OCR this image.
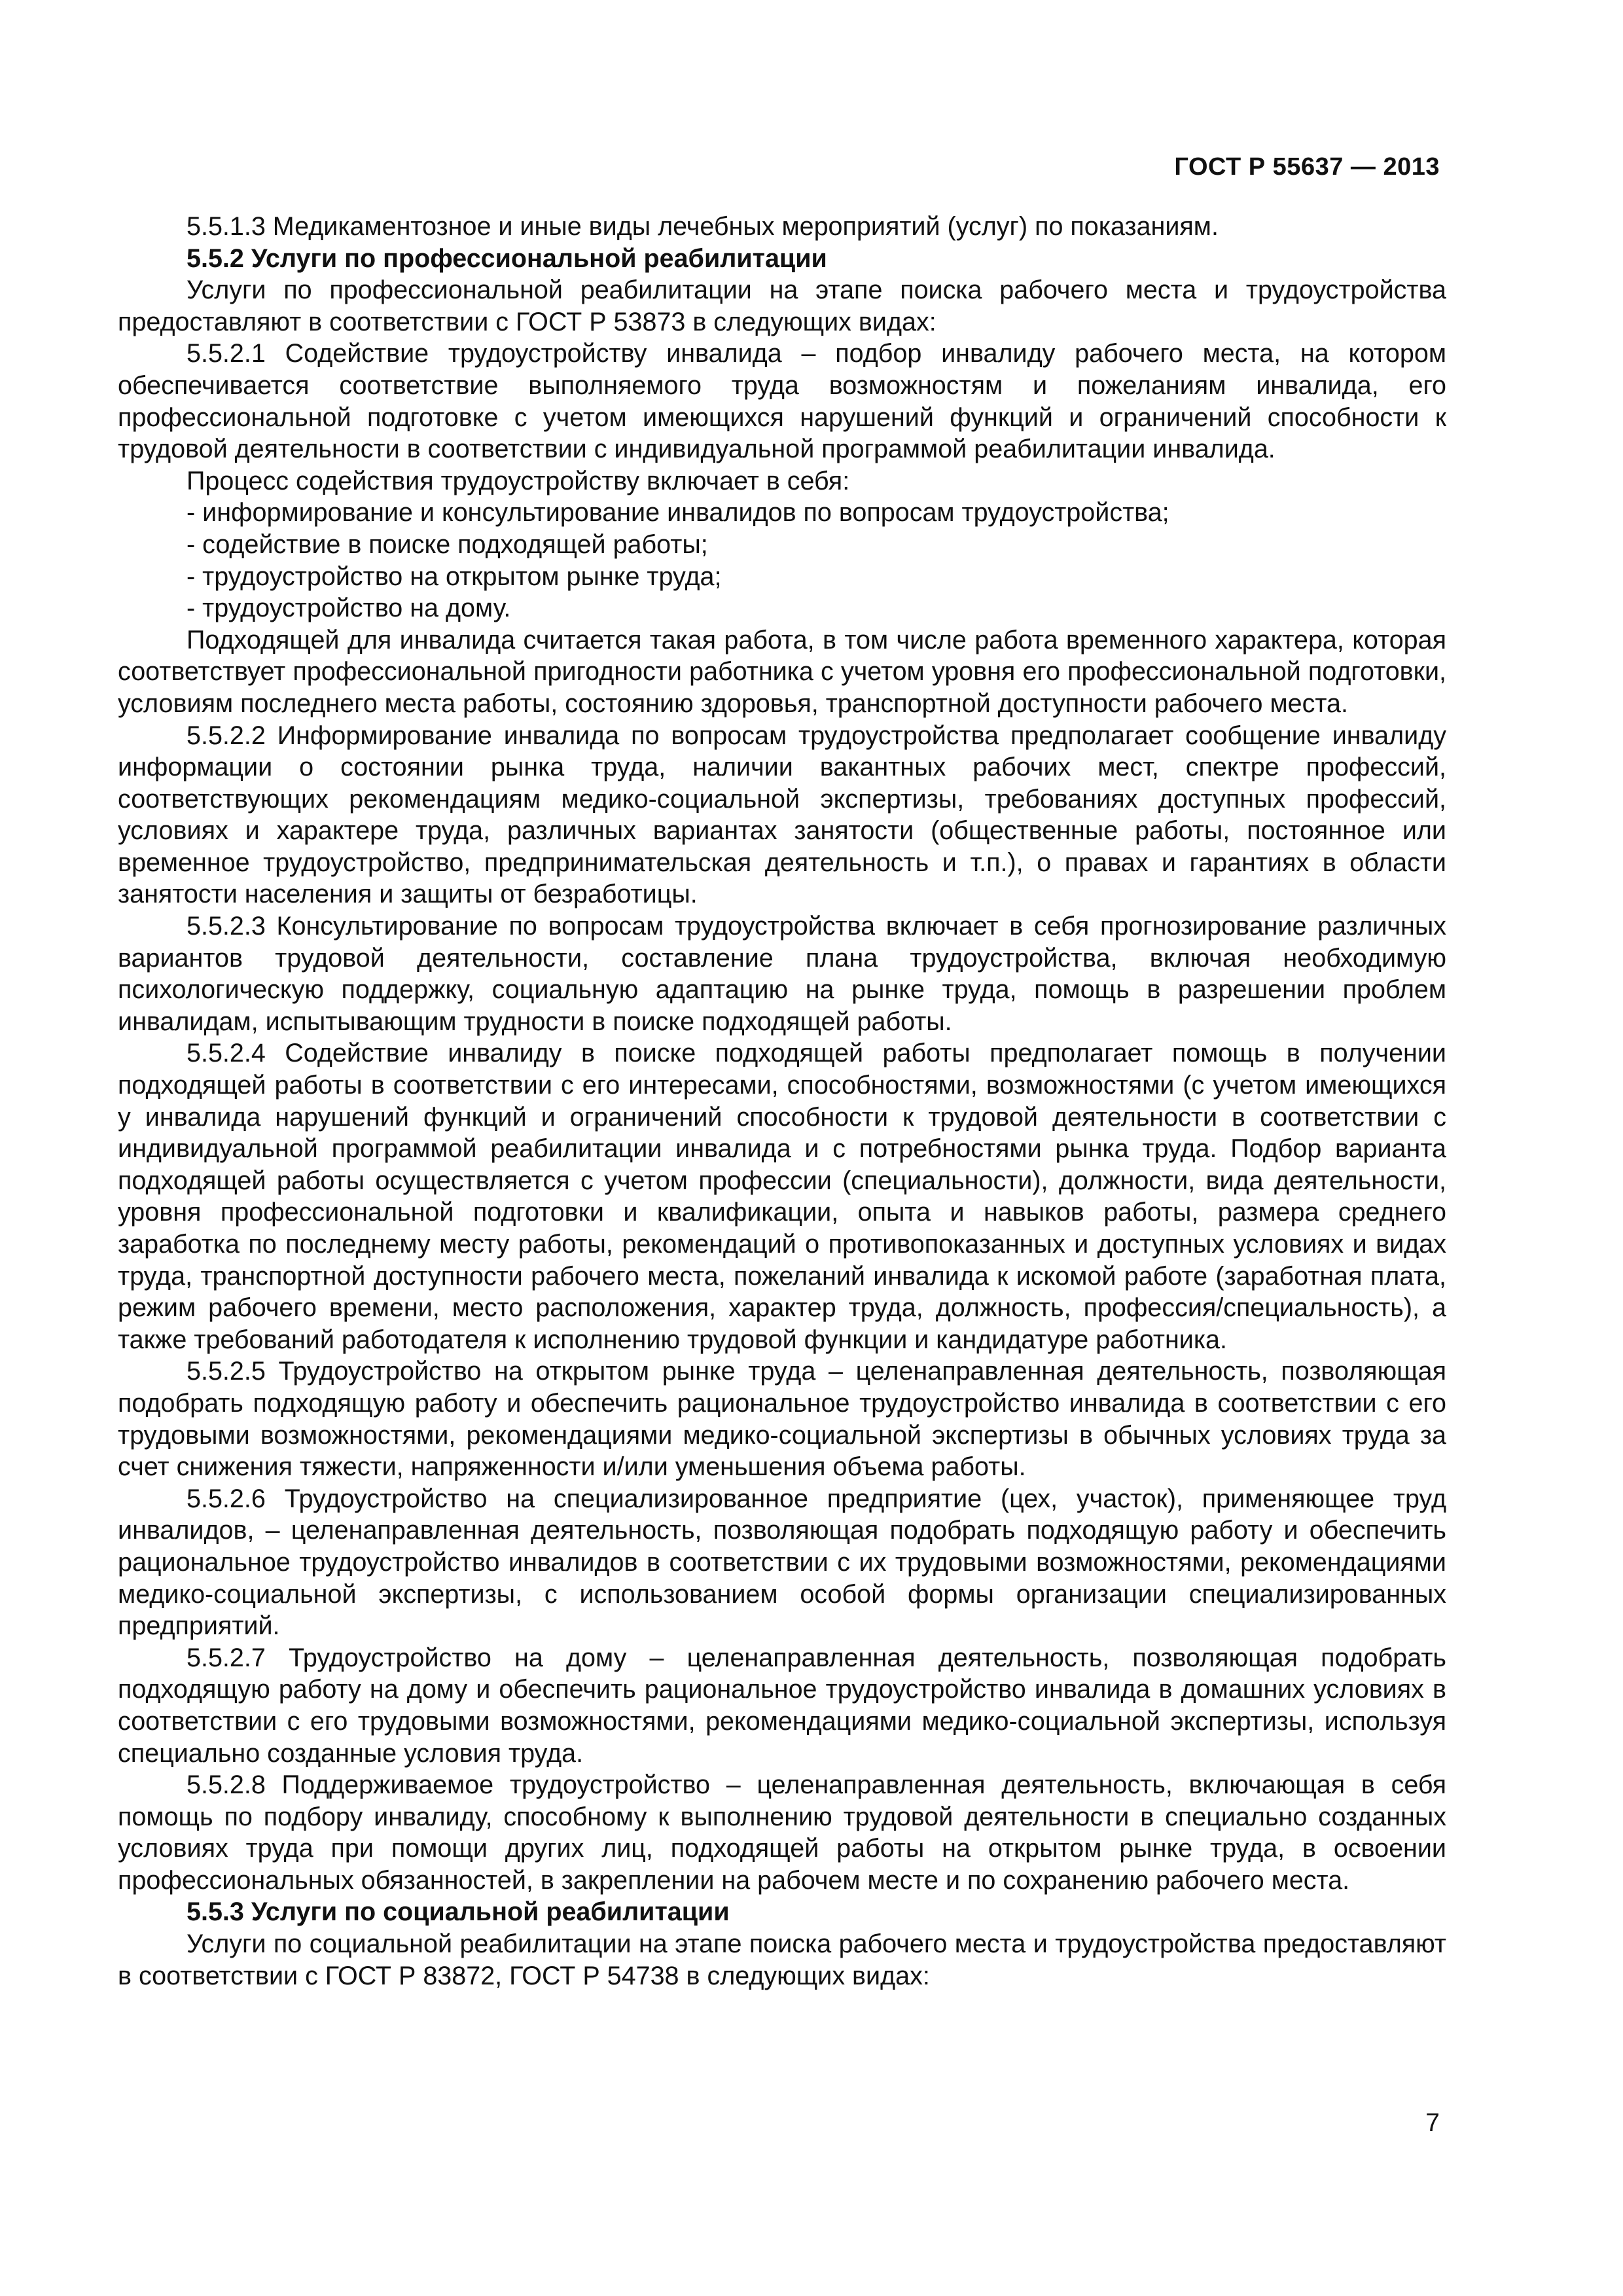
ГОСТ Р 55637 — 2013

5.5.1.3 Медикаментозное и иные виды лечебных мероприятий (услуг) по показаниям.

5.5.2 Услуги по профессиональной реабилитации

Услуги по профессиональной реабилитации на этапе поиска рабочего места и трудоустройства предоставляют в соответствии с ГОСТ Р 53873 в следующих видах:

5.5.2.1 Содействие трудоустройству инвалида – подбор инвалиду рабочего места, на котором обеспечивается соответствие выполняемого труда возможностям и пожеланиям инвалида, его профессиональной подготовке с учетом имеющихся нарушений функций и ограничений способности к трудовой деятельности в соответствии с индивидуальной программой реабилитации инвалида.

Процесс содействия трудоустройству включает в себя:

- информирование и консультирование инвалидов по вопросам трудоустройства;

- содействие в поиске подходящей работы;

- трудоустройство на открытом рынке труда;

- трудоустройство на дому.

Подходящей для инвалида считается такая работа, в том числе работа временного характера, которая соответствует профессиональной пригодности работника с учетом уровня его профессиональной подготовки, условиям последнего места работы, состоянию здоровья, транспортной доступности рабочего места.

5.5.2.2 Информирование инвалида по вопросам трудоустройства предполагает сообщение инвалиду информации о состоянии рынка труда, наличии вакантных рабочих мест, спектре профессий, соответствующих рекомендациям медико-социальной экспертизы, требованиях доступных профессий, условиях и характере труда, различных вариантах занятости (общественные работы, постоянное или временное трудоустройство, предпринимательская деятельность и т.п.), о правах и гарантиях в области занятости населения и защиты от безработицы.

5.5.2.3 Консультирование по вопросам трудоустройства включает в себя прогнозирование различных вариантов трудовой деятельности, составление плана трудоустройства, включая необходимую психологическую поддержку, социальную адаптацию на рынке труда, помощь в разрешении проблем инвалидам, испытывающим трудности в поиске подходящей работы.

5.5.2.4 Содействие инвалиду в поиске подходящей работы предполагает помощь в получении подходящей работы в соответствии с его интересами, способностями, возможностями (с учетом имеющихся у инвалида нарушений функций и ограничений способности к трудовой деятельности в соответствии с индивидуальной программой реабилитации инвалида и с потребностями рынка труда. Подбор варианта подходящей работы осуществляется с учетом профессии (специальности), должности, вида деятельности, уровня профессиональной подготовки и квалификации, опыта и навыков работы, размера среднего заработка по последнему месту работы, рекомендаций о противопоказанных и доступных условиях и видах труда, транспортной доступности рабочего места, пожеланий инвалида к искомой работе (заработная плата, режим рабочего времени, место расположения, характер труда, должность, профессия/специальность), а также требований работодателя к исполнению трудовой функции и кандидатуре работника.

5.5.2.5 Трудоустройство на открытом рынке труда – целенаправленная деятельность, позволяющая подобрать подходящую работу и обеспечить рациональное трудоустройство инвалида в соответствии с его трудовыми возможностями, рекомендациями медико-социальной экспертизы в обычных условиях труда за счет снижения тяжести, напряженности и/или уменьшения объема работы.

5.5.2.6 Трудоустройство на специализированное предприятие (цех, участок), применяющее труд инвалидов, – целенаправленная деятельность, позволяющая подобрать подходящую работу и обеспечить рациональное трудоустройство инвалидов в соответствии с их трудовыми возможностями, рекомендациями медико-социальной экспертизы, с использованием особой формы организации специализированных предприятий.

5.5.2.7 Трудоустройство на дому – целенаправленная деятельность, позволяющая подобрать подходящую работу на дому и обеспечить рациональное трудоустройство инвалида в домашних условиях в соответствии с его трудовыми возможностями, рекомендациями медико-социальной экспертизы, используя специально созданные условия труда.

5.5.2.8 Поддерживаемое трудоустройство – целенаправленная деятельность, включающая в себя помощь по подбору инвалиду, способному к выполнению трудовой деятельности в специально созданных условиях труда при помощи других лиц, подходящей работы на открытом рынке труда, в освоении профессиональных обязанностей, в закреплении на рабочем месте и по сохранению рабочего места.

5.5.3 Услуги по социальной реабилитации

Услуги по социальной реабилитации на этапе поиска рабочего места и трудоустройства предоставляют в соответствии с ГОСТ Р 83872, ГОСТ Р 54738 в следующих видах:

7
